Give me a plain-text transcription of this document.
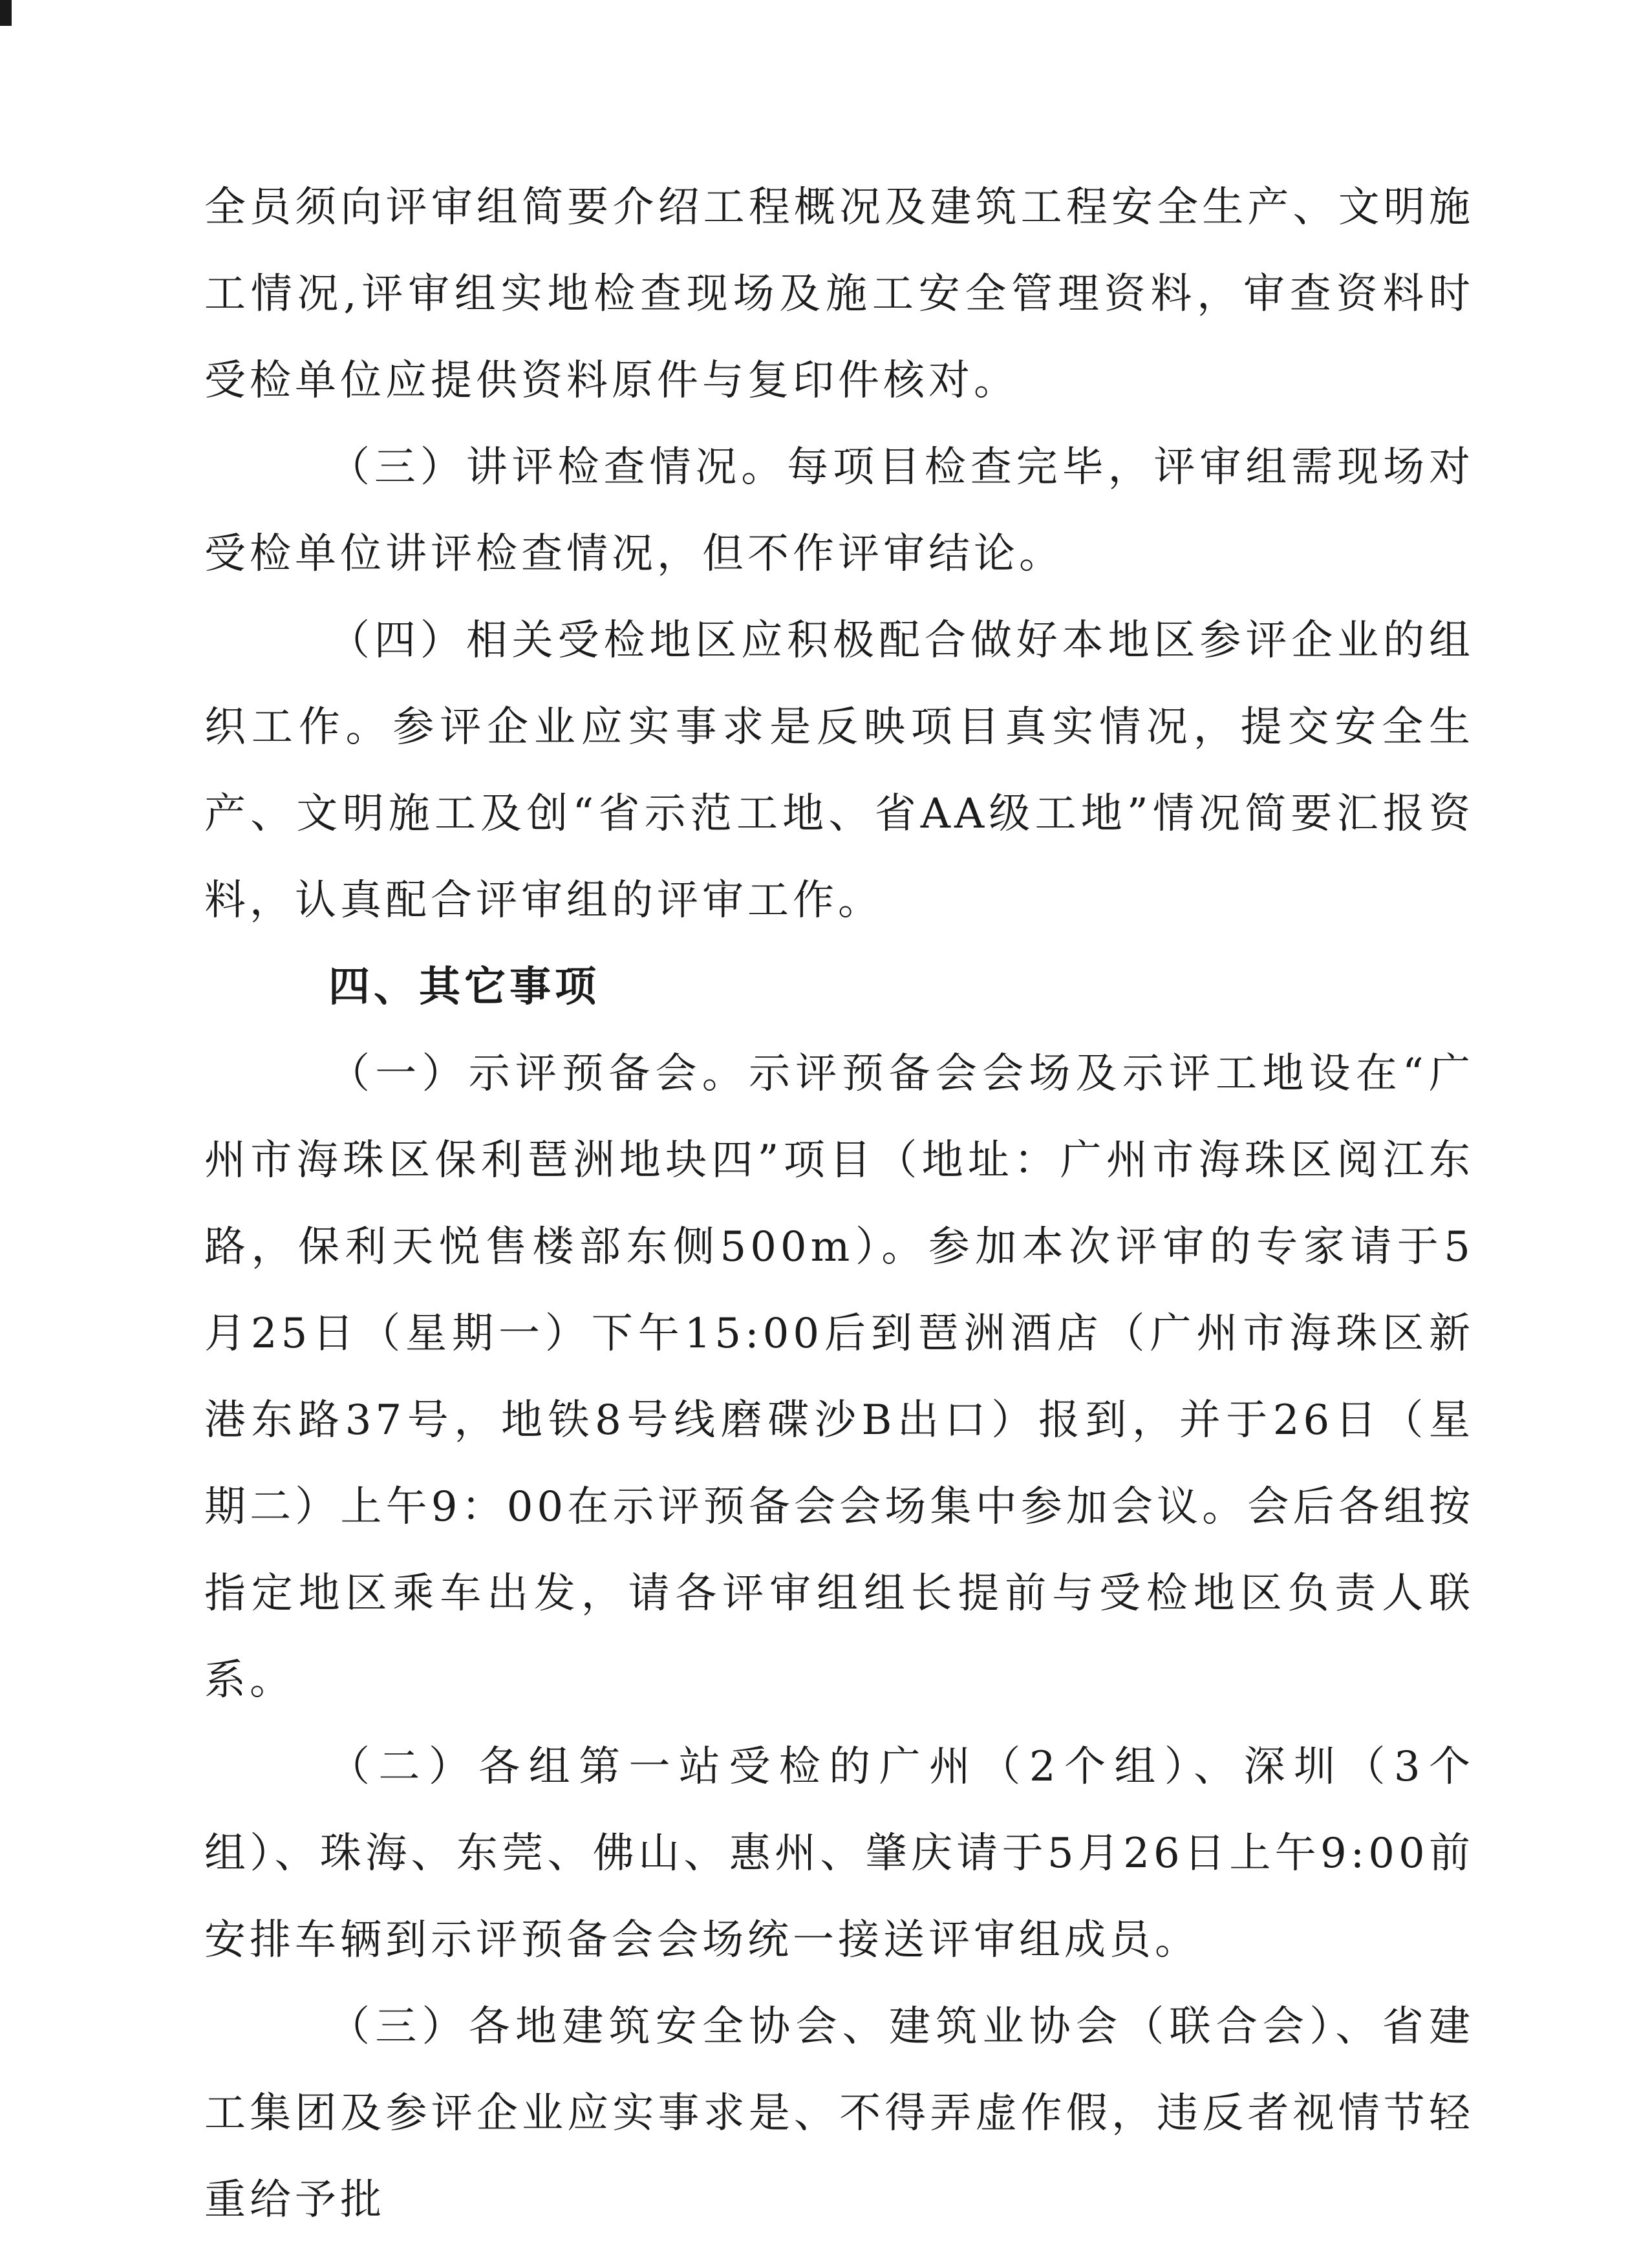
全员须向评审组简要介绍工程概况及建筑工程安全生产、文明施工情况,评审组实地检查现场及施工安全管理资料，审查资料时受检单位应提供资料原件与复印件核对。

（三）讲评检查情况。每项目检查完毕，评审组需现场对受检单位讲评检查情况，但不作评审结论。

（四）相关受检地区应积极配合做好本地区参评企业的组织工作。参评企业应实事求是反映项目真实情况，提交安全生产、文明施工及创“省示范工地、省AA级工地”情况简要汇报资料，认真配合评审组的评审工作。

四、其它事项

（一）示评预备会。示评预备会会场及示评工地设在“广州市海珠区保利琶洲地块四”项目（地址：广州市海珠区阅江东路，保利天悦售楼部东侧500m）。参加本次评审的专家请于5月25日（星期一）下午15:00后到琶洲酒店（广州市海珠区新港东路37号，地铁8号线磨碟沙B出口）报到，并于26日（星期二）上午9：00在示评预备会会场集中参加会议。会后各组按指定地区乘车出发，请各评审组组长提前与受检地区负责人联系。

（二）各组第一站受检的广州（2个组）、深圳（3个组）、珠海、东莞、佛山、惠州、肇庆请于5月26日上午9:00前安排车辆到示评预备会会场统一接送评审组成员。

（三）各地建筑安全协会、建筑业协会（联合会）、省建工集团及参评企业应实事求是、不得弄虚作假，违反者视情节轻重给予批
